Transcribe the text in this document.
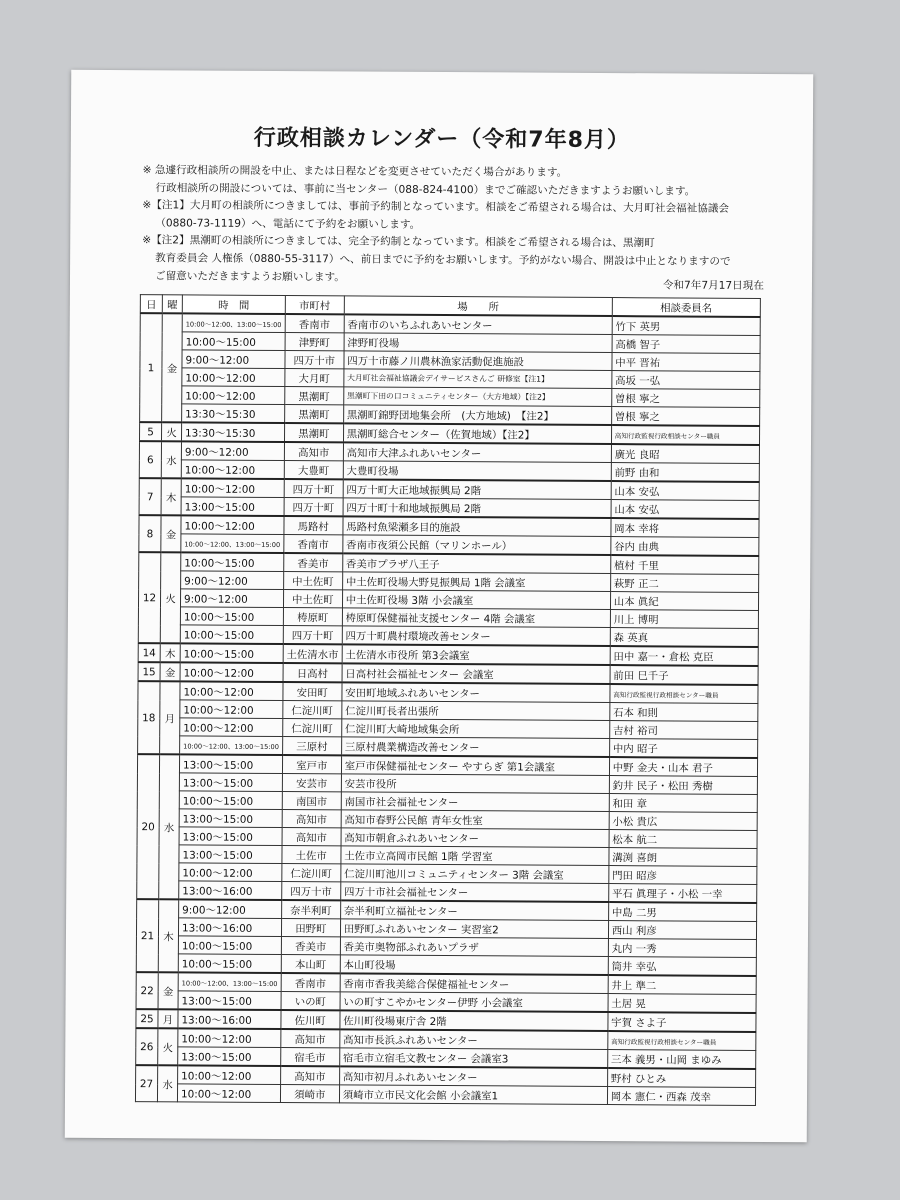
行政相談カレンダー（令和7年8月）
※ 急遽行政相談所の開設を中止、または日程などを変更させていただく場合があります。
行政相談所の開設については、事前に当センター（088-824-4100）までご確認いただきますようお願いします。
※【注1】大月町の相談所につきましては、事前予約制となっています。相談をご希望される場合は、大月町社会福祉協議会
（0880-73-1119）へ、電話にて予約をお願いします。
※【注2】黒潮町の相談所につきましては、完全予約制となっています。相談をご希望される場合は、黒潮町
教育委員会 人権係（0880-55-3117）へ、前日までに予約をお願いします。予約がない場合、開設は中止となりますので
ご留意いただきますようお願いします。
令和7年7月17日現在
日	曜	時　間	市町村	場　　所	相談委員名
1	金	10:00～12:00、13:00～15:00	香南市	香南市のいちふれあいセンター	竹下 英男
		10:00～15:00	津野町	津野町役場	高橋 智子
		9:00～12:00	四万十市	四万十市藤ノ川農林漁家活動促進施設	中平 晋祐
		10:00～12:00	大月町	大月町社会福祉協議会デイサービスさんご 研修室【注1】	高坂 一弘
		10:00～12:00	黒潮町	黒潮町下田の口コミュニティセンター（大方地域）【注2】	曽根 寧之
		13:30～15:30	黒潮町	黒潮町錦野団地集会所　(大方地域)　【注2】	曽根 寧之
5	火	13:30～15:30	黒潮町	黒潮町総合センター（佐賀地域）【注2】	高知行政監視行政相談センター職員
6	水	9:00～12:00	高知市	高知市大津ふれあいセンター	廣光 良昭
		10:00～12:00	大豊町	大豊町役場	前野 由和
7	木	10:00～12:00	四万十町	四万十町大正地域振興局 2階	山本 安弘
		13:00～15:00	四万十町	四万十町十和地域振興局 2階	山本 安弘
8	金	10:00～12:00	馬路村	馬路村魚梁瀬多目的施設	岡本 幸将
		10:00～12:00、13:00～15:00	香南市	香南市夜須公民館（マリンホール）	谷内 由典
12	火	10:00～15:00	香美市	香美市プラザ八王子	植村 千里
		9:00～12:00	中土佐町	中土佐町役場大野見振興局 1階 会議室	萩野 正二
		9:00～12:00	中土佐町	中土佐町役場 3階 小会議室	山本 眞紀
		10:00～15:00	梼原町	梼原町保健福祉支援センター 4階 会議室	川上 博明
		10:00～15:00	四万十町	四万十町農村環境改善センター	森 英真
14	木	10:00～15:00	土佐清水市	土佐清水市役所 第3会議室	田中 嘉一・倉松 克臣
15	金	10:00～12:00	日高村	日高村社会福祉センター 会議室	前田 巳千子
18	月	10:00～12:00	安田町	安田町地域ふれあいセンター	高知行政監視行政相談センター職員
		10:00～12:00	仁淀川町	仁淀川町長者出張所	石本 和則
		10:00～12:00	仁淀川町	仁淀川町大崎地域集会所	吉村 裕司
		10:00～12:00、13:00～15:00	三原村	三原村農業構造改善センター	中内 昭子
20	水	13:00～15:00	室戸市	室戸市保健福祉センター やすらぎ 第1会議室	中野 金夫・山本 君子
		13:00～15:00	安芸市	安芸市役所	釣井 民子・松田 秀樹
		10:00～15:00	南国市	南国市社会福祉センター	和田 章
		13:00～15:00	高知市	高知市春野公民館 青年女性室	小松 貴広
		13:00～15:00	高知市	高知市朝倉ふれあいセンター	松本 航二
		13:00～15:00	土佐市	土佐市立高岡市民館 1階 学習室	溝渕 喜朗
		10:00～12:00	仁淀川町	仁淀川町池川コミュニティセンター 3階 会議室	門田 昭彦
		13:00～16:00	四万十市	四万十市社会福祉センター	平石 眞理子・小松 一幸
21	木	9:00～12:00	奈半利町	奈半利町立福祉センター	中島 二男
		13:00～16:00	田野町	田野町ふれあいセンター 実習室2	西山 利彦
		10:00～15:00	香美市	香美市奥物部ふれあいプラザ	丸内 一秀
		10:00～15:00	本山町	本山町役場	筒井 幸弘
22	金	10:00～12:00、13:00～15:00	香南市	香南市香我美総合保健福祉センター	井上 準二
		13:00～15:00	いの町	いの町すこやかセンター伊野 小会議室	土居 晃
25	月	13:00～16:00	佐川町	佐川町役場東庁舎 2階	宇賀 さよ子
26	火	10:00～12:00	高知市	高知市長浜ふれあいセンター	高知行政監視行政相談センター職員
		13:00～15:00	宿毛市	宿毛市立宿毛文教センター 会議室3	三本 義男・山岡 まゆみ
27	水	10:00～12:00	高知市	高知市初月ふれあいセンター	野村 ひとみ
		10:00～12:00	須崎市	須崎市立市民文化会館 小会議室1	岡本 憲仁・西森 茂幸
